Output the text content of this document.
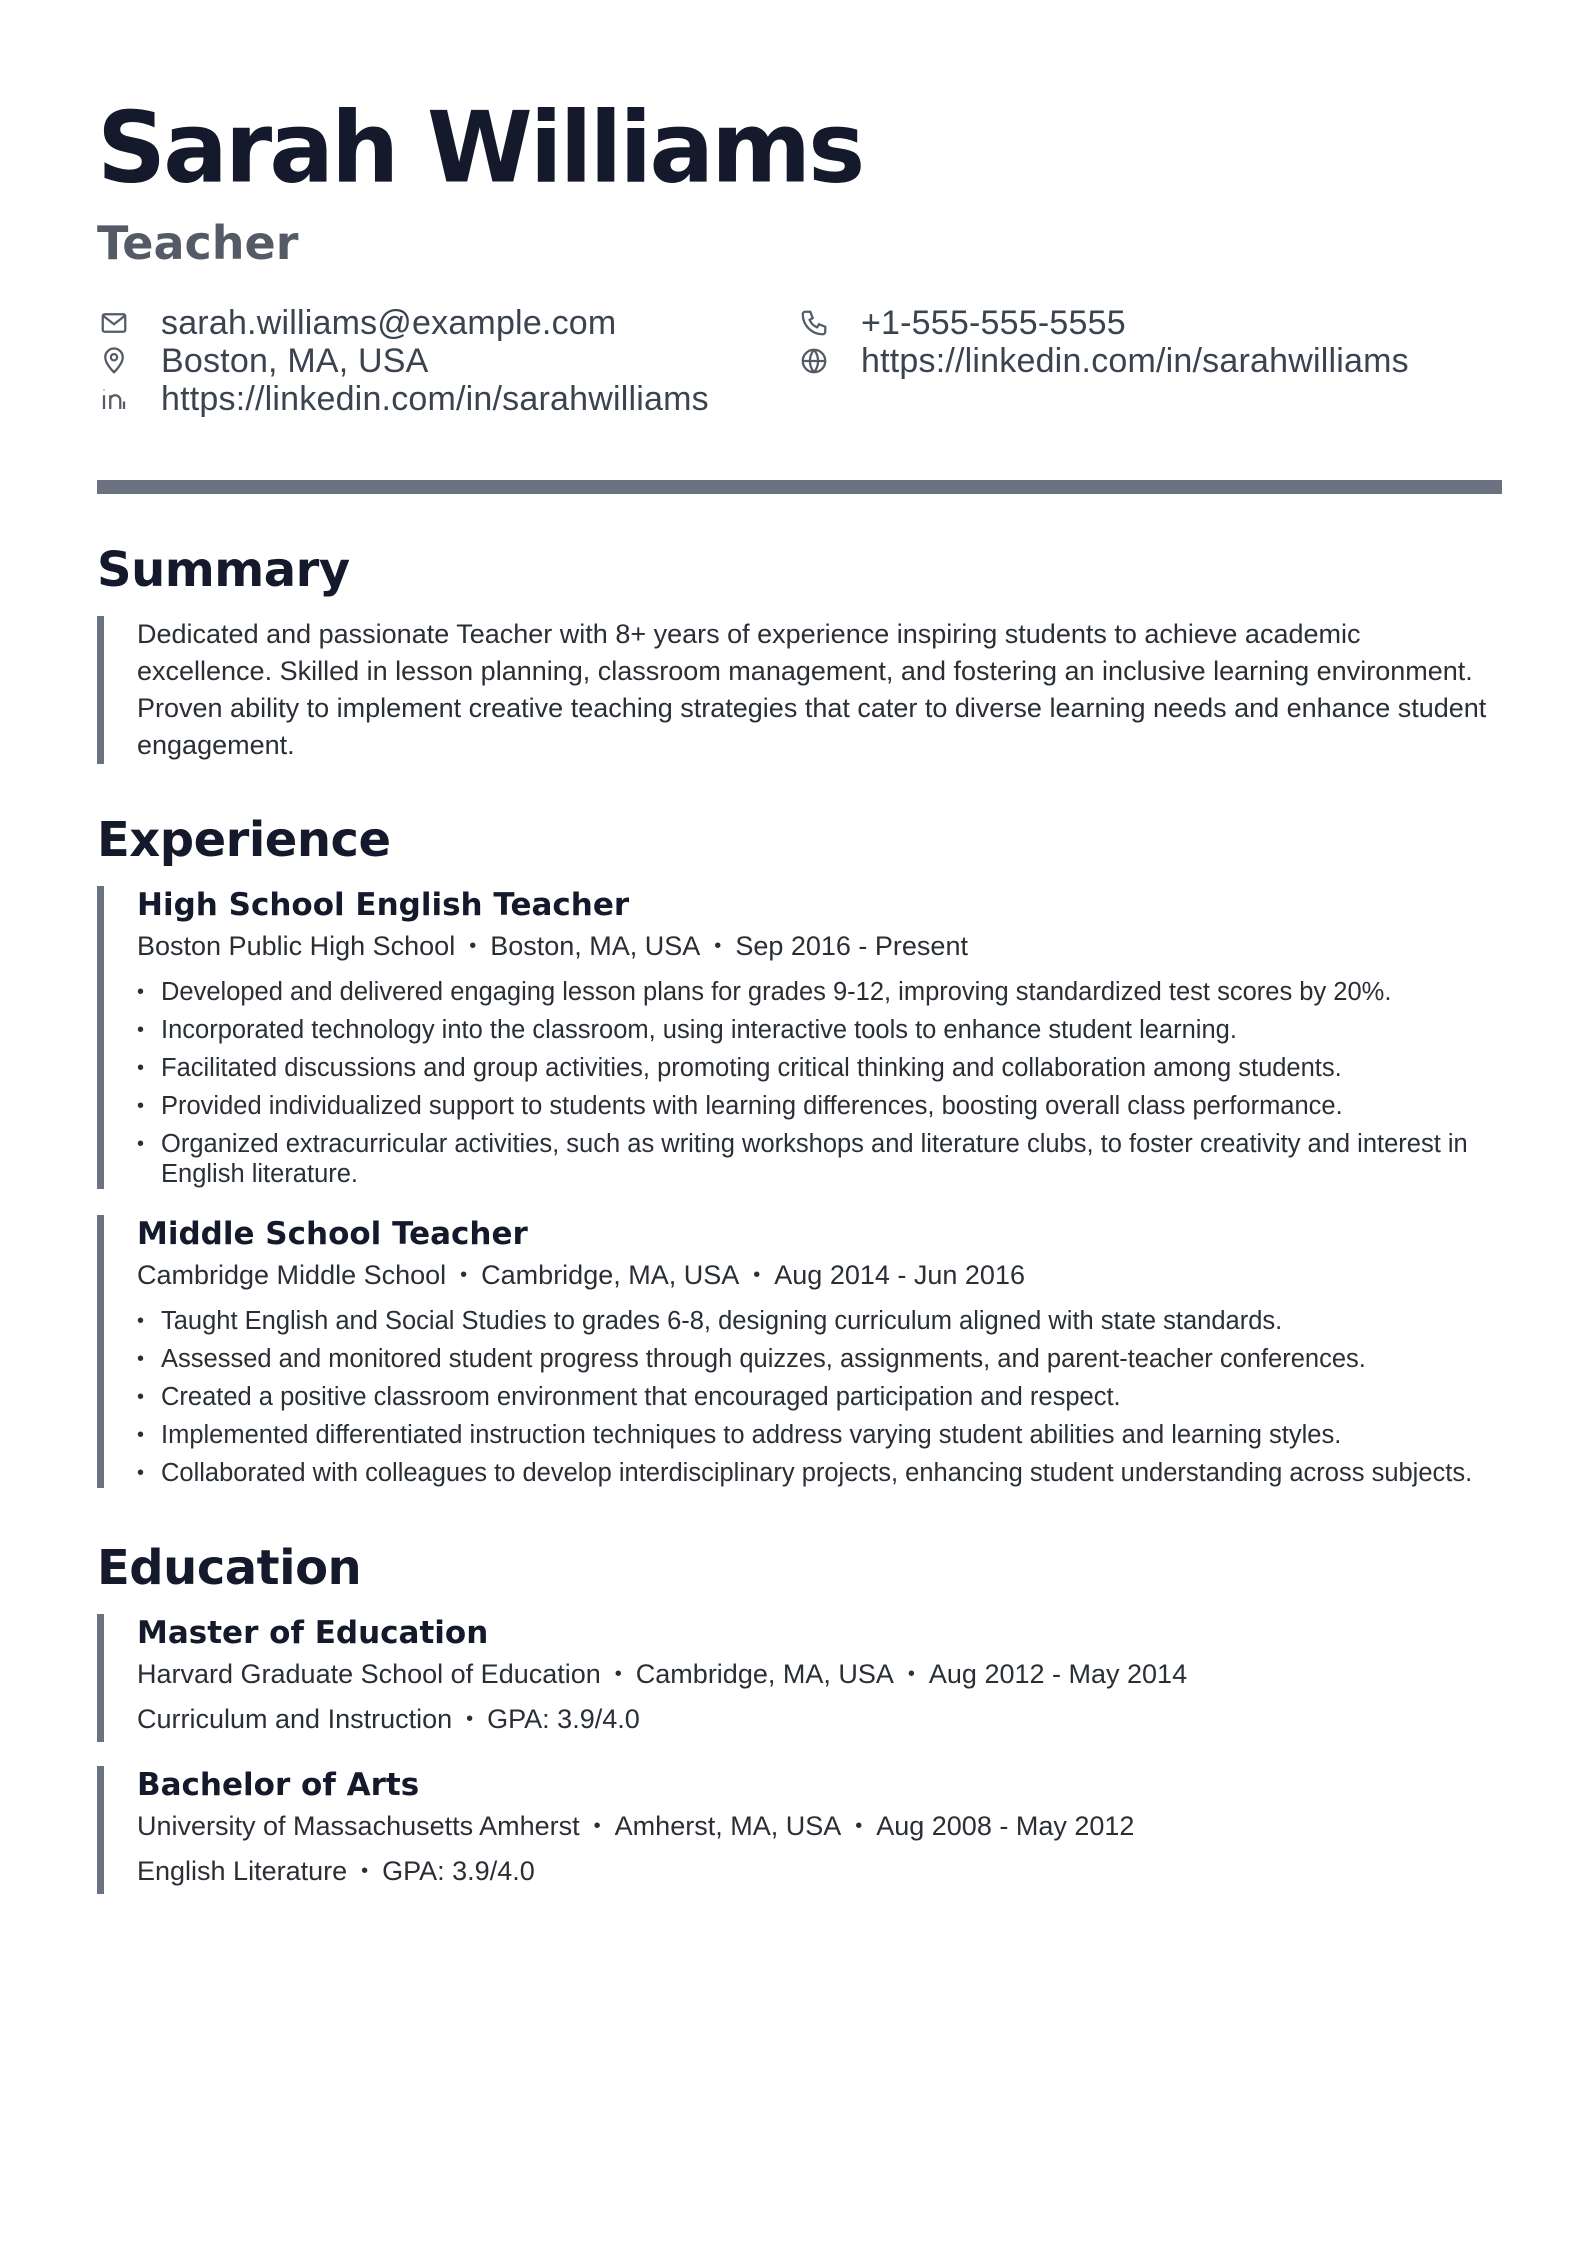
Sarah Williams
Teacher
sarah.williams@example.com
Boston, MA, USA
https://linkedin.com/in/sarahwilliams
+1-555-555-5555
https://linkedin.com/in/sarahwilliams
Summary
Dedicated and passionate Teacher with 8+ years of experience inspiring students to achieve academic excellence. Skilled in lesson planning, classroom management, and fostering an inclusive learning environment. Proven ability to implement creative teaching strategies that cater to diverse learning needs and enhance student engagement.
Experience
High School English Teacher
Boston Public High School • Boston, MA, USA • Sep 2016 - Present
• Developed and delivered engaging lesson plans for grades 9-12, improving standardized test scores by 20%.
• Incorporated technology into the classroom, using interactive tools to enhance student learning.
• Facilitated discussions and group activities, promoting critical thinking and collaboration among students.
• Provided individualized support to students with learning differences, boosting overall class performance.
• Organized extracurricular activities, such as writing workshops and literature clubs, to foster creativity and interest in English literature.
Middle School Teacher
Cambridge Middle School • Cambridge, MA, USA • Aug 2014 - Jun 2016
• Taught English and Social Studies to grades 6-8, designing curriculum aligned with state standards.
• Assessed and monitored student progress through quizzes, assignments, and parent-teacher conferences.
• Created a positive classroom environment that encouraged participation and respect.
• Implemented differentiated instruction techniques to address varying student abilities and learning styles.
• Collaborated with colleagues to develop interdisciplinary projects, enhancing student understanding across subjects.
Education
Master of Education
Harvard Graduate School of Education • Cambridge, MA, USA • Aug 2012 - May 2014
Curriculum and Instruction • GPA: 3.9/4.0
Bachelor of Arts
University of Massachusetts Amherst • Amherst, MA, USA • Aug 2008 - May 2012
English Literature • GPA: 3.9/4.0
